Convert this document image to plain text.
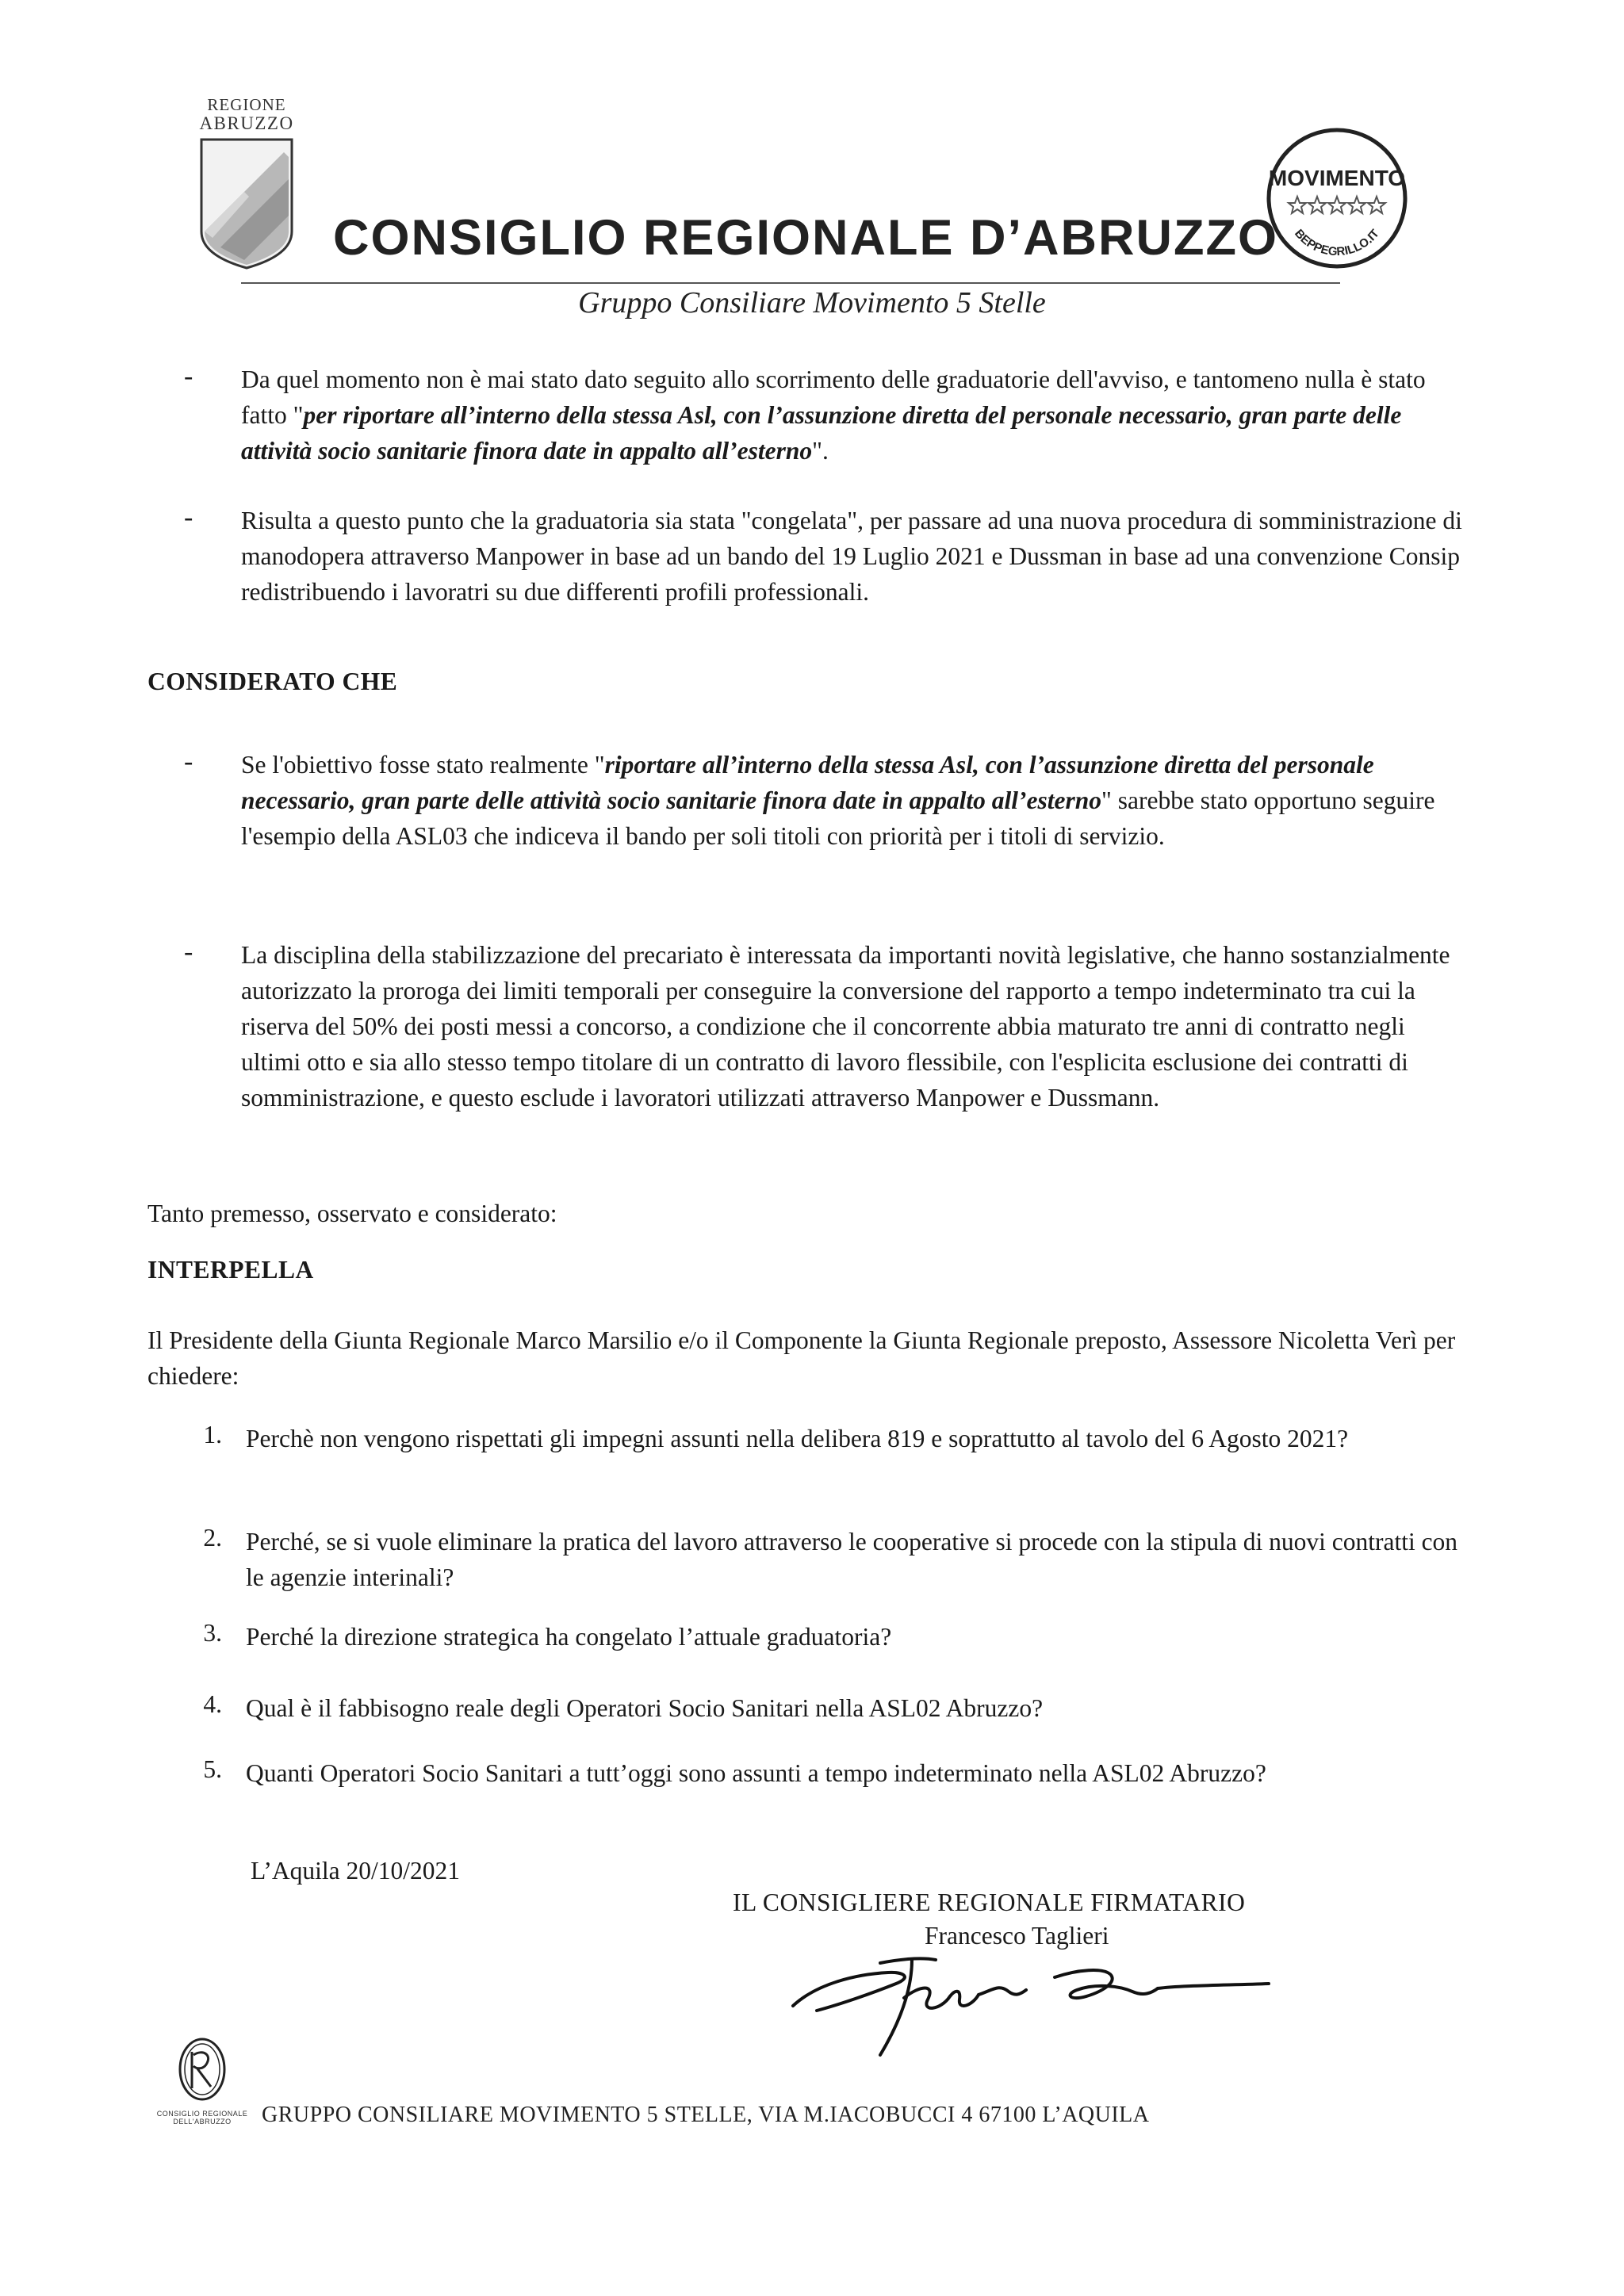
REGIONE
ABRUZZO
CONSIGLIO REGIONALE D’ABRUZZO
MOVIMENTO
BEPPEGRILLO.IT

Gruppo Consiliare Movimento 5 Stelle

- Da quel momento non è mai stato dato seguito allo scorrimento delle graduatorie dell'avviso, e tantomeno nulla è stato fatto "per riportare all’interno della stessa Asl, con l’assunzione diretta del personale necessario, gran parte delle attività socio sanitarie finora date in appalto all’esterno".

- Risulta a questo punto che la graduatoria sia stata "congelata", per passare ad una nuova procedura di somministrazione di manodopera attraverso Manpower in base ad un bando del 19 Luglio 2021 e Dussman in base ad una convenzione Consip redistribuendo i lavoratri su due differenti profili professionali.

CONSIDERATO CHE
- Se l'obiettivo fosse stato realmente "riportare all’interno della stessa Asl, con l’assunzione diretta del personale necessario, gran parte delle attività socio sanitarie finora date in appalto all’esterno" sarebbe stato opportuno seguire l'esempio della ASL03 che indiceva il bando per soli titoli con priorità per i titoli di servizio.

- La disciplina della stabilizzazione del precariato è interessata da importanti novità legislative, che hanno sostanzialmente autorizzato la proroga dei limiti temporali per conseguire la conversione del rapporto a tempo indeterminato tra cui la riserva del 50% dei posti messi a concorso, a condizione che il concorrente abbia maturato tre anni di contratto negli ultimi otto e sia allo stesso tempo titolare di un contratto di lavoro flessibile, con l'esplicita esclusione dei contratti di somministrazione, e questo esclude i lavoratori utilizzati attraverso Manpower e Dussmann.

Tanto premesso, osservato e considerato:
INTERPELLA
Il Presidente della Giunta Regionale Marco Marsilio e/o il Componente la Giunta Regionale preposto, Assessore Nicoletta Verì per chiedere:
1. Perchè non vengono rispettati gli impegni assunti nella delibera 819 e soprattutto al tavolo del 6 Agosto 2021?
2. Perché, se si vuole eliminare la pratica del lavoro attraverso le cooperative si procede con la stipula di nuovi contratti con le agenzie interinali?
3. Perché la direzione strategica ha congelato l’attuale graduatoria?
4. Qual è il fabbisogno reale degli Operatori Socio Sanitari nella ASL02 Abruzzo?
5. Quanti Operatori Socio Sanitari a tutt’oggi sono assunti a tempo indeterminato nella ASL02 Abruzzo?
L’Aquila 20/10/2021
IL CONSIGLIERE REGIONALE FIRMATARIO
Francesco Taglieri
CONSIGLIO REGIONALE
DELL'ABRUZZO	GRUPPO CONSILIARE MOVIMENTO 5 STELLE, VIA M.IACOBUCCI 4 67100 L’AQUILA
